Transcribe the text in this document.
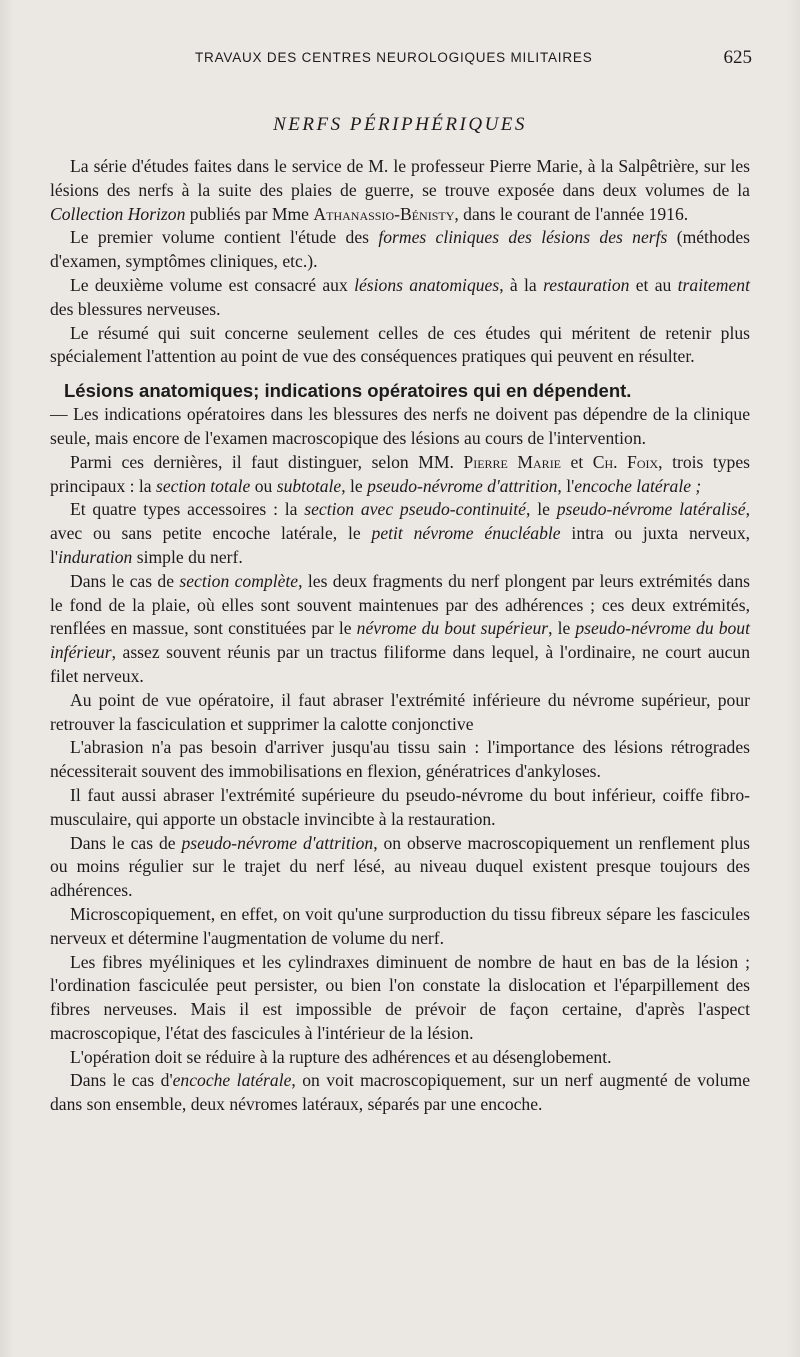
TRAVAUX DES CENTRES NEUROLOGIQUES MILITAIRES	625
NERFS PÉRIPHÉRIQUES

La série d'études faites dans le service de M. le professeur Pierre Marie, à la Salpêtrière, sur les lésions des nerfs à la suite des plaies de guerre, se trouve exposée dans deux volumes de la Collection Horizon publiés par Mme Athanassio-Bénisty, dans le courant de l'année 1916.

Le premier volume contient l'étude des formes cliniques des lésions des nerfs (méthodes d'examen, symptômes cliniques, etc.).

Le deuxième volume est consacré aux lésions anatomiques, à la restauration et au traitement des blessures nerveuses.

Le résumé qui suit concerne seulement celles de ces études qui méritent de retenir plus spécialement l'attention au point de vue des conséquences pratiques qui peuvent en résulter.

Lésions anatomiques; indications opératoires qui en dépendent.

— Les indications opératoires dans les blessures des nerfs ne doivent pas dépendre de la clinique seule, mais encore de l'examen macroscopique des lésions au cours de l'intervention.

Parmi ces dernières, il faut distinguer, selon MM. Pierre Marie et Ch. Foix, trois types principaux : la section totale ou subtotale, le pseudo-névrome d'attrition, l'encoche latérale ;

Et quatre types accessoires : la section avec pseudo-continuité, le pseudo-névrome latéralisé, avec ou sans petite encoche latérale, le petit névrome énucléable intra ou juxta nerveux, l'induration simple du nerf.

Dans le cas de section complète, les deux fragments du nerf plongent par leurs extrémités dans le fond de la plaie, où elles sont souvent maintenues par des adhérences ; ces deux extrémités, renflées en massue, sont constituées par le névrome du bout supérieur, le pseudo-névrome du bout inférieur, assez souvent réunis par un tractus filiforme dans lequel, à l'ordinaire, ne court aucun filet nerveux.

Au point de vue opératoire, il faut abraser l'extrémité inférieure du névrome supérieur, pour retrouver la fasciculation et supprimer la calotte conjonctive

L'abrasion n'a pas besoin d'arriver jusqu'au tissu sain : l'importance des lésions rétrogrades nécessiterait souvent des immobilisations en flexion, génératrices d'ankyloses.

Il faut aussi abraser l'extrémité supérieure du pseudo-névrome du bout inférieur, coiffe fibro-musculaire, qui apporte un obstacle invincibte à la restauration.

Dans le cas de pseudo-névrome d'attrition, on observe macroscopiquement un renflement plus ou moins régulier sur le trajet du nerf lésé, au niveau duquel existent presque toujours des adhérences.

Microscopiquement, en effet, on voit qu'une surproduction du tissu fibreux sépare les fascicules nerveux et détermine l'augmentation de volume du nerf.

Les fibres myéliniques et les cylindraxes diminuent de nombre de haut en bas de la lésion ; l'ordination fasciculée peut persister, ou bien l'on constate la dislocation et l'éparpillement des fibres nerveuses. Mais il est impossible de prévoir de façon certaine, d'après l'aspect macroscopique, l'état des fascicules à l'intérieur de la lésion.

L'opération doit se réduire à la rupture des adhérences et au désenglobement.

Dans le cas d'encoche latérale, on voit macroscopiquement, sur un nerf augmenté de volume dans son ensemble, deux névromes latéraux, séparés par une encoche.
